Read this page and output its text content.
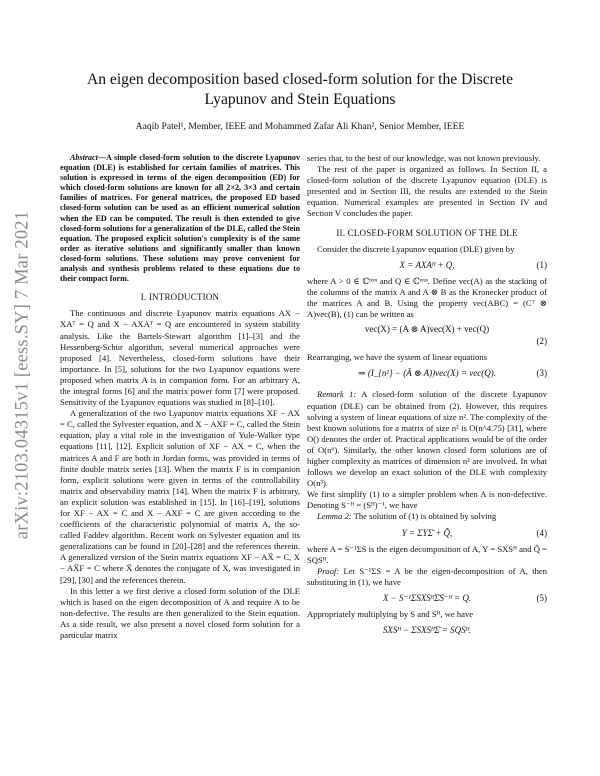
arXiv:2103.04315v1 [eess.SY] 7 Mar 2021
An eigen decomposition based closed-form solution for the Discrete Lyapunov and Stein Equations
Aaqib Patel¹, Member, IEEE and Mohammed Zafar Ali Khan², Senior Member, IEEE

Abstract—A simple closed-form solution to the discrete Lyapunov equation (DLE) is established for certain families of matrices. This solution is expressed in terms of the eigen decomposition (ED) for which closed-form solutions are known for all 2×2, 3×3 and certain families of matrices. For general matrices, the proposed ED based closed-form solution can be used as an efficient numerical solution when the ED can be computed. The result is then extended to give closed-form solutions for a generalization of the DLE, called the Stein equation. The proposed explicit solution's complexity is of the same order as iterative solutions and significantly smaller than known closed-form solutions. These solutions may prove convenient for analysis and synthesis problems related to these equations due to their compact form.

I. INTRODUCTION

The continuous and discrete Lyapunov matrix equations AX − XAᵀ = Q and X − AXAᵀ = Q are encountered in system stability analysis. Like the Bartels-Stewart algorithm [1]–[3] and the Hessenberg-Schur algorithm, several numerical approaches were proposed [4]. Nevertheless, closed-form solutions have their importance. In [5], solutions for the two Lyapunov equations were proposed when matrix A is in companion form. For an arbitrary A, the integral forms [6] and the matrix power form [7] were proposed. Sensitivity of the Lyapunov equations was studied in [8]–[10].

A generalization of the two Lyapunov matrix equations XF − AX = C, called the Sylvester equation, and X − AXF = C, called the Stein equation, play a vital role in the investigation of Yule-Walker type equations [11], [12]. Explicit solution of XF − AX = C, when the matrices A and F are both in Jordan forms, was provided in terms of finite double matrix series [13]. When the matrix F is in companion form, explicit solutions were given in terms of the controllability matrix and observability matrix [14]. When the matrix F is arbitrary, an explicit solution was established in [15]. In [16]–[19], solutions for XF − AX = C and X − AXF = C are given according to the coefficients of the characteristic polynomial of matrix A, the so-called Faddev algorithm. Recent work on Sylvester equation and its generalizations can be found in [20]–[28] and the references therein. A generalized version of the Stein matrix equations XF − AX̄ = C, X − AX̄F = C where X̄ denotes the conjugate of X, was investigated in [29], [30] and the references therein.

In this letter a we first derive a closed form solution of the DLE which is based on the eigen decomposition of A and require A to be non-defective. The results are then generalized to the Stein equation. As a side result, we also present a novel closed form solution for a particular matrix

series that, to the best of our knowledge, was not known previously.

The rest of the paper is organized as follows. In Section II, a closed-form solution of the discrete Lyapunov equation (DLE) is presented and in Section III, the results are extended to the Stein equation. Numerical examples are presented in Section IV and Section V concludes the paper.

II. CLOSED-FORM SOLUTION OF THE DLE

Consider the discrete Lyapunov equation (DLE) given by

X = AXAᴴ + Q,	(1)

where A > 0 ∈ ℂⁿˣⁿ and Q ∈ ℂⁿˣⁿ. Define vec(A) as the stacking of the columns of the matrix A and A ⊗ B as the Kronecker product of the matrices A and B. Using the property vec(ABC) = (Cᵀ ⊗ A)vec(B), (1) can be written as

vec(X) = (A ⊗ A)vec(X) + vec(Q)
(2)

Rearranging, we have the system of linear equations

⇒ (I_{n²} − (Ā ⊗ A))vec(X) = vec(Q).	(3)

Remark 1: A closed-form solution of the discrete Lyapunov equation (DLE) can be obtained from (2). However, this requires solving a system of linear equations of size n². The complexity of the best known solutions for a matrix of size n² is O(n^4.75) [31], where O() denotes the order of. Practical applications would be of the order of O(n⁶). Similarly, the other known closed form solutions are of higher complexity as matrices of dimension n² are involved. In what follows we develop an exact solution of the DLE with complexity O(n³).

We first simplify (1) to a simpler problem when A is non-defective. Denoting S⁻ᴴ = (Sᴴ)⁻¹, we have

Lemma 2: The solution of (1) is obtained by solving

Y = ΣYΣ̄ + Q̂,	(4)

where A = S⁻¹ΣS is the eigen decomposition of A, Y = SXSᴴ and Q̂ = SQSᴴ.

Proof: Let S⁻¹ΣS = A be the eigen-decomposition of A, then substituting in (1), we have

X − S⁻¹ΣSXSᴴΣ̄S⁻ᴴ = Q.	(5)

Appropriately multiplying by S and Sᴴ, we have

SXSᴴ − ΣSXSᴴΣ̄ = SQSᴴ.
